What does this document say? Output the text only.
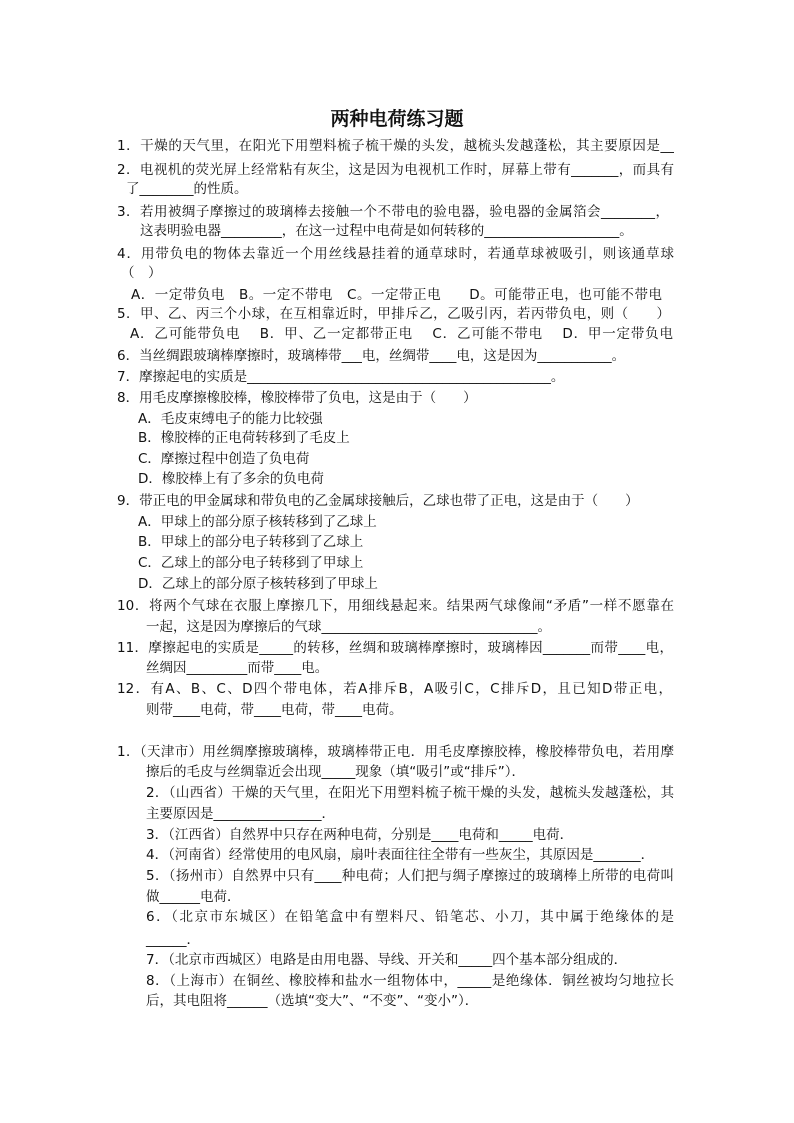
两种电荷练习题
1．干燥的天气里，在阳光下用塑料梳子梳干燥的头发，越梳头发越蓬松，其主要原因是__
2．电视机的荧光屏上经常粘有灰尘，这是因为电视机工作时，屏幕上带有_______，而具有
了________的性质。
3．若用被绸子摩擦过的玻璃棒去接触一个不带电的验电器，验电器的金属箔会________，
这表明验电器_________，在这一过程中电荷是如何转移的____________________。
4．用带负电的物体去靠近一个用丝线悬挂着的通草球时，若通草球被吸引，则该通草球
（　）
A．一定带负电　B。一定不带电　C。一定带正电　　D。可能带正电，也可能不带电
5．甲、乙、丙三个小球，在互相靠近时，甲排斥乙，乙吸引丙，若丙带负电，则（　　）
A．乙可能带负电　 B．甲、乙一定都带正电　 C．乙可能不带电　 D．甲一定带负电
6．当丝绸跟玻璃棒摩擦时，玻璃棒带___电，丝绸带____电，这是因为___________。
7．摩擦起电的实质是_____________________________________________。
8．用毛皮摩擦橡胶棒，橡胶棒带了负电，这是由于（　　）
A．毛皮束缚电子的能力比较强
B．橡胶棒的正电荷转移到了毛皮上
C．摩擦过程中创造了负电荷
D．橡胶棒上有了多余的负电荷
9．带正电的甲金属球和带负电的乙金属球接触后，乙球也带了正电，这是由于（　　）
A．甲球上的部分原子核转移到了乙球上
B．甲球上的部分电子转移到了乙球上
C．乙球上的部分电子转移到了甲球上
D．乙球上的部分原子核转移到了甲球上
10．将两个气球在衣服上摩擦几下，用细线悬起来。结果两气球像闹“矛盾”一样不愿靠在
一起，这是因为摩擦后的气球________________________________。
11．摩擦起电的实质是_____的转移，丝绸和玻璃棒摩擦时，玻璃棒因_______而带____电，
丝绸因_________而带____电。
12．有A、B、C、D四个带电体，若A排斥B，A吸引C，C排斥D，且已知D带正电，
则带____电荷，带____电荷，带____电荷。
1．（天津市）用丝绸摩擦玻璃棒，玻璃棒带正电．用毛皮摩擦胶棒，橡胶棒带负电，若用摩
擦后的毛皮与丝绸靠近会出现_____现象（填“吸引”或“排斥”）．
2．（山西省）干燥的天气里，在阳光下用塑料梳子梳干燥的头发，越梳头发越蓬松，其
主要原因是________________．
3．（江西省）自然界中只存在两种电荷，分别是____电荷和_____电荷．
4．（河南省）经常使用的电风扇，扇叶表面往往全带有一些灰尘，其原因是_______．
5．（扬州市）自然界中只有____种电荷；人们把与绸子摩擦过的玻璃棒上所带的电荷叫
做______电荷．
6．（北京市东城区）在铅笔盒中有塑料尺、铅笔芯、小刀，其中属于绝缘体的是
______．
7．（北京市西城区）电路是由用电器、导线、开关和_____四个基本部分组成的．
8．（上海市）在铜丝、橡胶棒和盐水一组物体中，_____是绝缘体．铜丝被均匀地拉长
后，其电阻将______（选填“变大”、“不变”、“变小”）．
